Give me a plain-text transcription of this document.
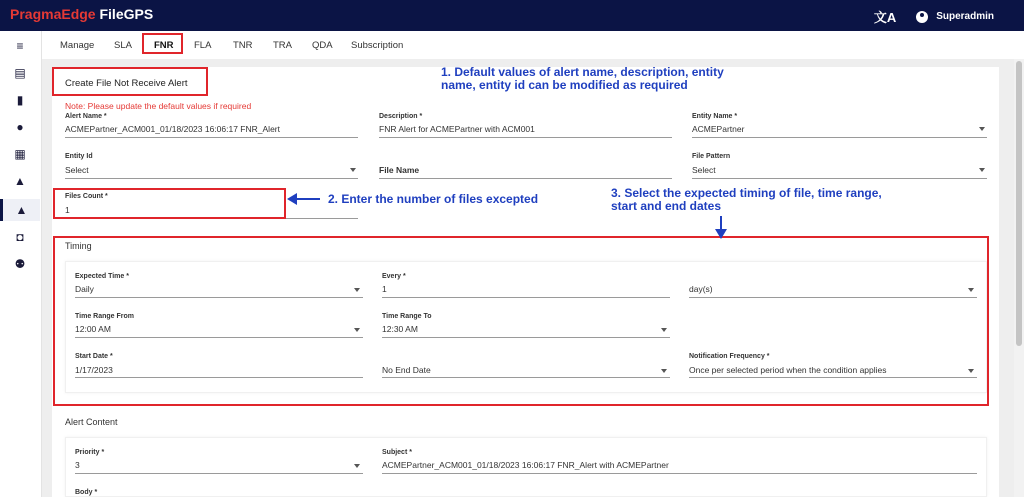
PragmaEdge FileGPS	文A	Superadmin
≡
▤
▮
●
▦
▲
▲
◘
⚉
Manage SLA FNR FLA TNR TRA QDA Subscription
Create File Not Receive Alert
Note: Please update the default values if required
Alert Name *
ACMEPartner_ACM001_01/18/2023 16:06:17 FNR_Alert
Description *
FNR Alert for ACMEPartner with ACM001
Entity Name *
ACMEPartner
Entity Id
Select	File Name
File Pattern
Select
Files Count *
1
Timing
Expected Time *
Daily
Every *
1	day(s)
Time Range From
12:00 AM
Time Range To
12:30 AM
Start Date *
1/17/2023	No End Date
Notification Frequency *
Once per selected period when the condition applies
Alert Content
Priority *
3
Subject *
ACMEPartner_ACM001_01/18/2023 16:06:17 FNR_Alert with ACMEPartner
Body *
1. Default values of alert name, description, entity
name, entity id can be modified as required
2. Enter the number of files excepted	3. Select the expected timing of file, time range,
start and end dates
